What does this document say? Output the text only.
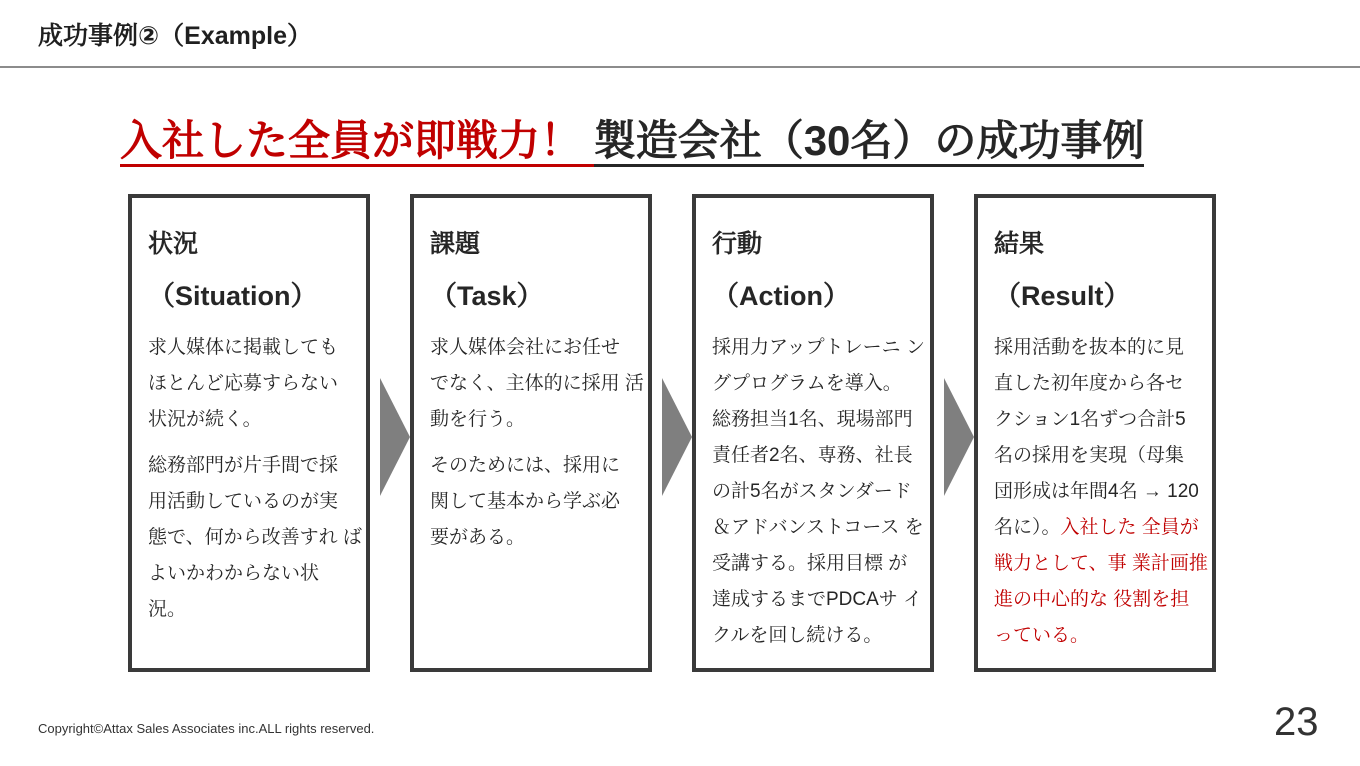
成功事例②（Example）
入社した全員が即戦力！ 製造会社（30名）の成功事例
状況
（Situation）

求人媒体に掲載しても ほとんど応募すらない 状況が続く。

総務部門が片手間で採 用活動しているのが実 態で、何から改善すれ ばよいかわからない状 況。

課題
（Task）

求人媒体会社にお任せ でなく、主体的に採用 活動を行う。

そのためには、採用に 関して基本から学ぶ必 要がある。

行動
（Action）

採用力アップトレーニ ングプログラムを導入。 総務担当1名、現場部門 責任者2名、専務、社長 の計5名がスタンダード ＆アドバンストコース を受講する。採用目標 が達成するまでPDCAサ イクルを回し続ける。

結果
（Result）

採用活動を抜本的に見 直した初年度から各セ クション1名ずつ合計5 名の採用を実現（母集 団形成は年間4名 → 120名に）。入社した 全員が戦力として、事 業計画推進の中心的な 役割を担っている。

Copyright©Attax Sales Associates inc.ALL rights reserved.	23
